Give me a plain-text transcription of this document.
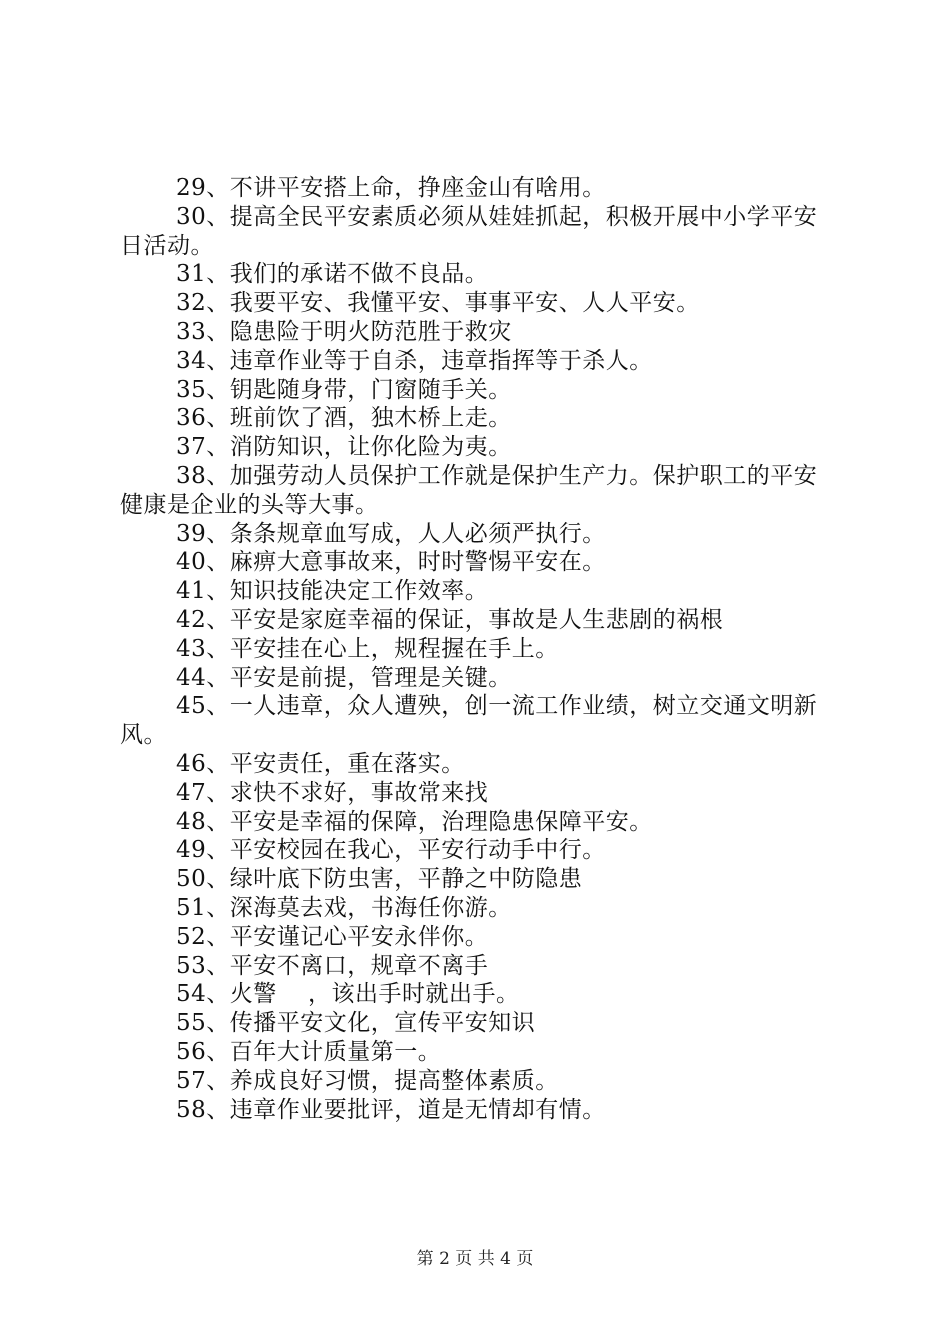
29、不讲平安搭上命，挣座金山有啥用。

30、提高全民平安素质必须从娃娃抓起，积极开展中小学平安日活动。

31、我们的承诺不做不良品。

32、我要平安、我懂平安、事事平安、人人平安。

33、隐患险于明火防范胜于救灾

34、违章作业等于自杀，违章指挥等于杀人。

35、钥匙随身带，门窗随手关。

36、班前饮了酒，独木桥上走。

37、消防知识，让你化险为夷。

38、加强劳动人员保护工作就是保护生产力。保护职工的平安健康是企业的头等大事。

39、条条规章血写成，人人必须严执行。

40、麻痹大意事故来，时时警惕平安在。

41、知识技能决定工作效率。

42、平安是家庭幸福的保证，事故是人生悲剧的祸根

43、平安挂在心上，规程握在手上。

44、平安是前提，管理是关键。

45、一人违章，众人遭殃，创一流工作业绩，树立交通文明新风。

46、平安责任，重在落实。

47、求快不求好，事故常来找

48、平安是幸福的保障，治理隐患保障平安。

49、平安校园在我心，平安行动手中行。

50、绿叶底下防虫害，平静之中防隐患

51、深海莫去戏，书海任你游。

52、平安谨记心平安永伴你。

53、平安不离口，规章不离手

54、火警    ，该出手时就出手。

55、传播平安文化，宣传平安知识

56、百年大计质量第一。

57、养成良好习惯，提高整体素质。

58、违章作业要批评，道是无情却有情。

第 2 页 共 4 页
